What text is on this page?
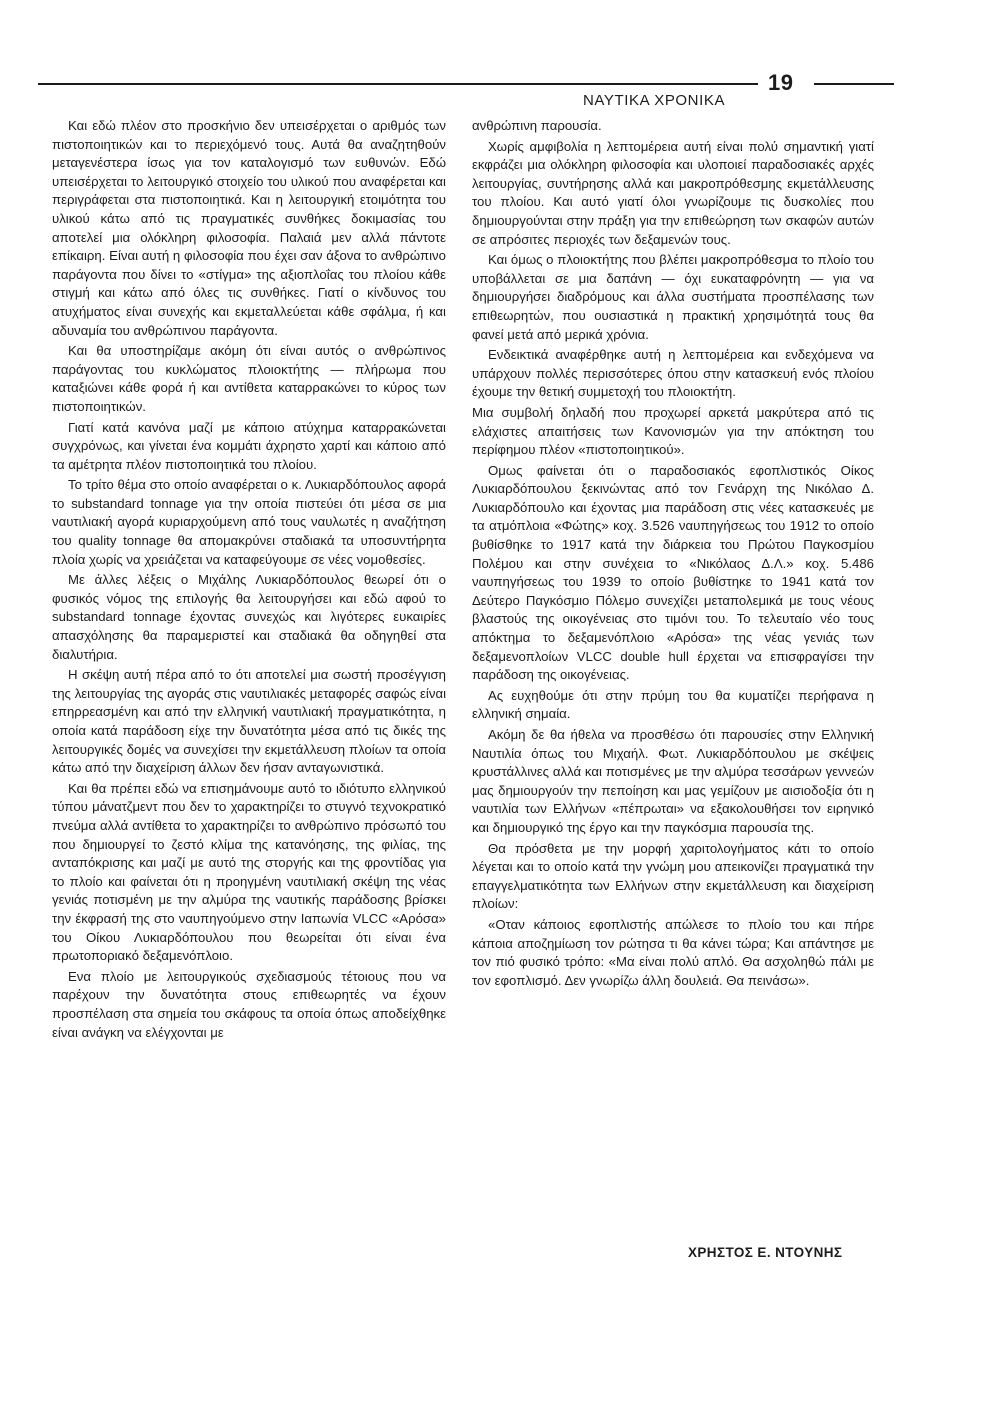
19
ΝΑΥΤΙΚΑ ΧΡΟΝΙΚΑ

Και εδώ πλέον στο προσκήνιο δεν υπεισέρχεται ο αριθμός των πιστοποιητικών και το περιεχόμενό τους. Αυτά θα αναζητηθούν μεταγενέστερα ίσως για τον καταλογισμό των ευθυνών. Εδώ υπεισέρχεται το λειτουργικό στοιχείο του υλικού που αναφέρεται και περιγράφεται στα πιστοποιητικά. Και η λειτουργική ετοιμότητα του υλικού κάτω από τις πραγματικές συνθήκες δοκιμασίας του αποτελεί μια ολόκληρη φιλοσοφία. Παλαιά μεν αλλά πάντοτε επίκαιρη. Είναι αυτή η φιλοσοφία που έχει σαν άξονα το ανθρώπινο παράγοντα που δίνει το «στίγμα» της αξιοπλοΐας του πλοίου κάθε στιγμή και κάτω από όλες τις συνθήκες. Γιατί ο κίνδυνος του ατυχήματος είναι συνεχής και εκμεταλλεύεται κάθε σφάλμα, ή και αδυναμία του ανθρώπινου παράγοντα.

Και θα υποστηρίζαμε ακόμη ότι είναι αυτός ο ανθρώπινος παράγοντας του κυκλώματος πλοιοκτήτης — πλήρωμα που καταξιώνει κάθε φορά ή και αντίθετα καταρρακώνει το κύρος των πιστοποιητικών.

Γιατί κατά κανόνα μαζί με κάποιο ατύχημα καταρρακώνεται συγχρόνως, και γίνεται ένα κομμάτι άχρηστο χαρτί και κάποιο από τα αμέτρητα πλέον πιστοποιητικά του πλοίου.

Το τρίτο θέμα στο οποίο αναφέρεται ο κ. Λυκιαρδόπουλος αφορά το substandard tonnage για την οποία πιστεύει ότι μέσα σε μια ναυτιλιακή αγορά κυριαρχούμενη από τους ναυλωτές η αναζήτηση του quality tonnage θα απομακρύνει σταδιακά τα υποσυντήρητα πλοία χωρίς να χρειάζεται να καταφεύγουμε σε νέες νομοθεσίες.

Με άλλες λέξεις ο Μιχάλης Λυκιαρδόπουλος θεωρεί ότι ο φυσικός νόμος της επιλογής θα λειτουργήσει και εδώ αφού το substandard tonnage έχοντας συνεχώς και λιγότερες ευκαιρίες απασχόλησης θα παραμεριστεί και σταδιακά θα οδηγηθεί στα διαλυτήρια.

Η σκέψη αυτή πέρα από το ότι αποτελεί μια σωστή προσέγγιση της λειτουργίας της αγοράς στις ναυτιλιακές μεταφορές σαφώς είναι επηρρεασμένη και από την ελληνική ναυτιλιακή πραγματικότητα, η οποία κατά παράδοση είχε την δυνατότητα μέσα από τις δικές της λειτουργικές δομές να συνεχίσει την εκμετάλλευση πλοίων τα οποία κάτω από την διαχείριση άλλων δεν ήσαν ανταγωνιστικά.

Και θα πρέπει εδώ να επισημάνουμε αυτό το ιδιότυπο ελληνικού τύπου μάνατζμεντ που δεν το χαρακτηρίζει το στυγνό τεχνοκρατικό πνεύμα αλλά αντίθετα το χαρακτηρίζει το ανθρώπινο πρόσωπό του που δημιουργεί το ζεστό κλίμα της κατανόησης, της φιλίας, της ανταπόκρισης και μαζί με αυτό της στοργής και της φροντίδας για το πλοίο και φαίνεται ότι η προηγμένη ναυτιλιακή σκέψη της νέας γενιάς ποτισμένη με την αλμύρα της ναυτικής παράδοσης βρίσκει την έκφρασή της στο ναυπηγούμενο στην Ιαπωνία VLCC «Αρόσα» του Οίκου Λυκιαρδόπουλου που θεωρείται ότι είναι ένα πρωτοποριακό δεξαμενόπλοιο.

Ενα πλοίο με λειτουργικούς σχεδιασμούς τέτοιους που να παρέχουν την δυνατότητα στους επιθεωρητές να έχουν προσπέλαση στα σημεία του σκάφους τα οποία όπως αποδείχθηκε είναι ανάγκη να ελέγχονται με

ανθρώπινη παρουσία.

Χωρίς αμφιβολία η λεπτομέρεια αυτή είναι πολύ σημαντική γιατί εκφράζει μια ολόκληρη φιλοσοφία και υλοποιεί παραδοσιακές αρχές λειτουργίας, συντήρησης αλλά και μακροπρόθεσμης εκμετάλλευσης του πλοίου. Και αυτό γιατί όλοι γνωρίζουμε τις δυσκολίες που δημιουργούνται στην πράξη για την επιθεώρηση των σκαφών αυτών σε απρόσιτες περιοχές των δεξαμενών τους.

Και όμως ο πλοιοκτήτης που βλέπει μακροπρόθεσμα το πλοίο του υποβάλλεται σε μια δαπάνη — όχι ευκαταφρόνητη — για να δημιουργήσει διαδρόμους και άλλα συστήματα προσπέλασης των επιθεωρητών, που ουσιαστικά η πρακτική χρησιμότητά τους θα φανεί μετά από μερικά χρόνια.

Ενδεικτικά αναφέρθηκε αυτή η λεπτομέρεια και ενδεχόμενα να υπάρχουν πολλές περισσότερες όπου στην κατασκευή ενός πλοίου έχουμε την θετική συμμετοχή του πλοιοκτήτη.

Μια συμβολή δηλαδή που προχωρεί αρκετά μακρύτερα από τις ελάχιστες απαιτήσεις των Κανονισμών για την απόκτηση του περίφημου πλέον «πιστοποιητικού».

Ομως φαίνεται ότι ο παραδοσιακός εφοπλιστικός Οίκος Λυκιαρδόπουλου ξεκινώντας από τον Γενάρχη της Νικόλαο Δ. Λυκιαρδόπουλο και έχοντας μια παράδοση στις νέες κατασκευές με τα ατμόπλοια «Φώτης» κοχ. 3.526 ναυπηγήσεως του 1912 το οποίο βυθίσθηκε το 1917 κατά την διάρκεια του Πρώτου Παγκοσμίου Πολέμου και στην συνέχεια το «Νικόλαος Δ.Λ.» κοχ. 5.486 ναυπηγήσεως του 1939 το οποίο βυθίστηκε το 1941 κατά τον Δεύτερο Παγκόσμιο Πόλεμο συνεχίζει μεταπολεμικά με τους νέους βλαστούς της οικογένειας στο τιμόνι του. Το τελευταίο νέο τους απόκτημα το δεξαμενόπλοιο «Αρόσα» της νέας γενιάς των δεξαμενοπλοίων VLCC double hull έρχεται να επισφραγίσει την παράδοση της οικογένειας.

Ας ευχηθούμε ότι στην πρύμη του θα κυματίζει περήφανα η ελληνική σημαία.

Ακόμη δε θα ήθελα να προσθέσω ότι παρουσίες στην Ελληνική Ναυτιλία όπως του Μιχαήλ. Φωτ. Λυκιαρδόπουλου με σκέψεις κρυστάλλινες αλλά και ποτισμένες με την αλμύρα τεσσάρων γεννεών μας δημιουργούν την πεποίηση και μας γεμίζουν με αισιοδοξία ότι η ναυτιλία των Ελλήνων «πέπρωται» να εξακολουθήσει τον ειρηνικό και δημιουργικό της έργο και την παγκόσμια παρουσία της.

Θα πρόσθετα με την μορφή χαριτολογήματος κάτι το οποίο λέγεται και το οποίο κατά την γνώμη μου απεικονίζει πραγματικά την επαγγελματικότητα των Ελλήνων στην εκμετάλλευση και διαχείριση πλοίων:

«Οταν κάποιος εφοπλιστής απώλεσε το πλοίο του και πήρε κάποια αποζημίωση τον ρώτησα τι θα κάνει τώρα; Και απάντησε με τον πιό φυσικό τρόπο: «Μα είναι πολύ απλό. Θα ασχοληθώ πάλι με τον εφοπλισμό. Δεν γνωρίζω άλλη δουλειά. Θα πεινάσω».

ΧΡΗΣΤΟΣ Ε. ΝΤΟΥΝΗΣ
